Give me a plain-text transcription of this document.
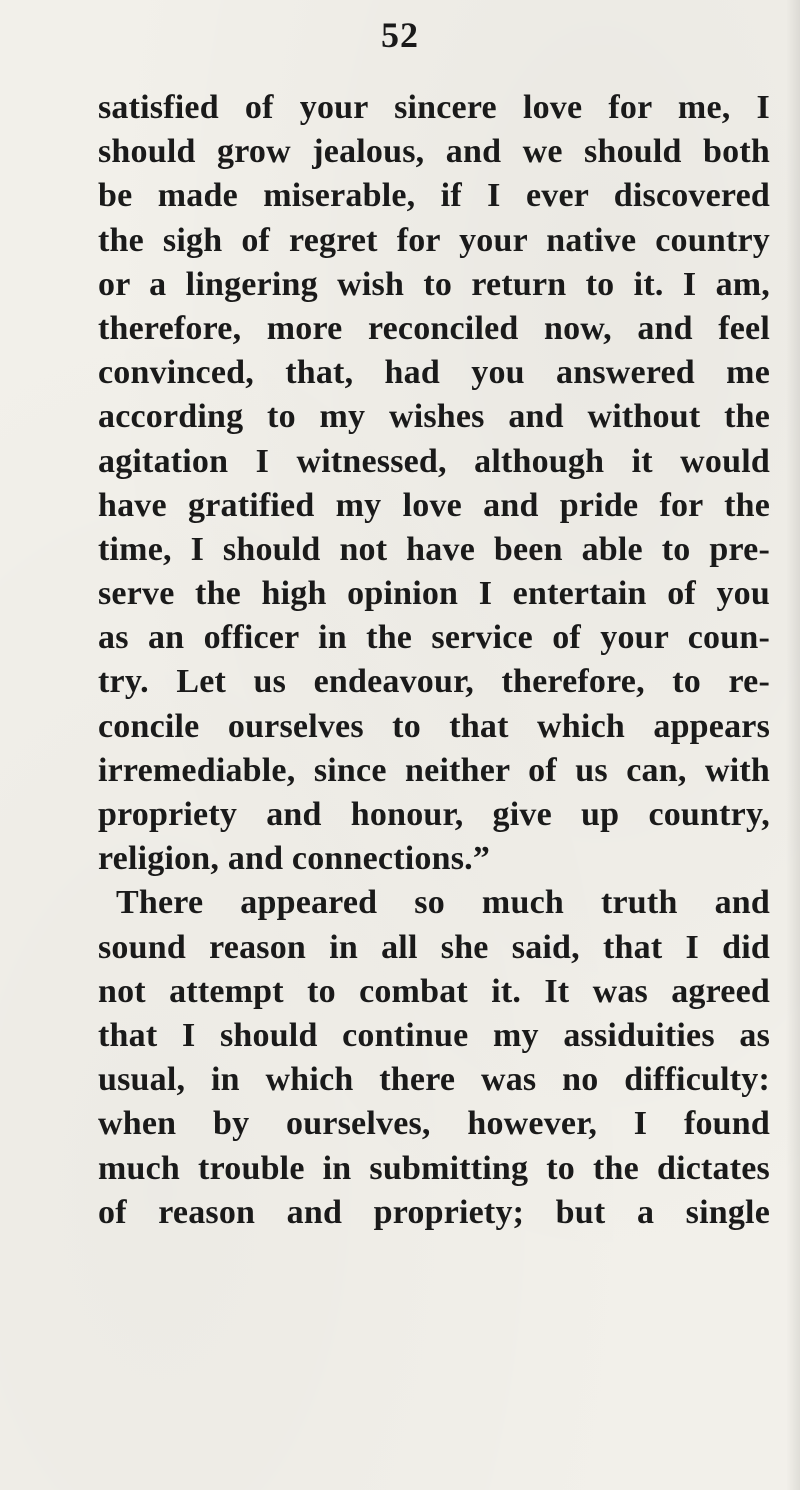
52

satisfied of your sincere love for me, I
should grow jealous, and we should both
be made miserable, if I ever discovered
the sigh of regret for your native country
or a lingering wish to return to it. I am,
therefore, more reconciled now, and feel
convinced, that, had you answered me
according to my wishes and without the
agitation I witnessed, although it would
have gratified my love and pride for the
time, I should not have been able to pre-
serve the high opinion I entertain of you
as an officer in the service of your coun-
try. Let us endeavour, therefore, to re-
concile ourselves to that which appears
irremediable, since neither of us can, with
propriety and honour, give up country,
religion, and connections.”
There appeared so much truth and
sound reason in all she said, that I did
not attempt to combat it. It was agreed
that I should continue my assiduities as
usual, in which there was no difficulty:
when by ourselves, however, I found
much trouble in submitting to the dictates
of reason and propriety; but a single
